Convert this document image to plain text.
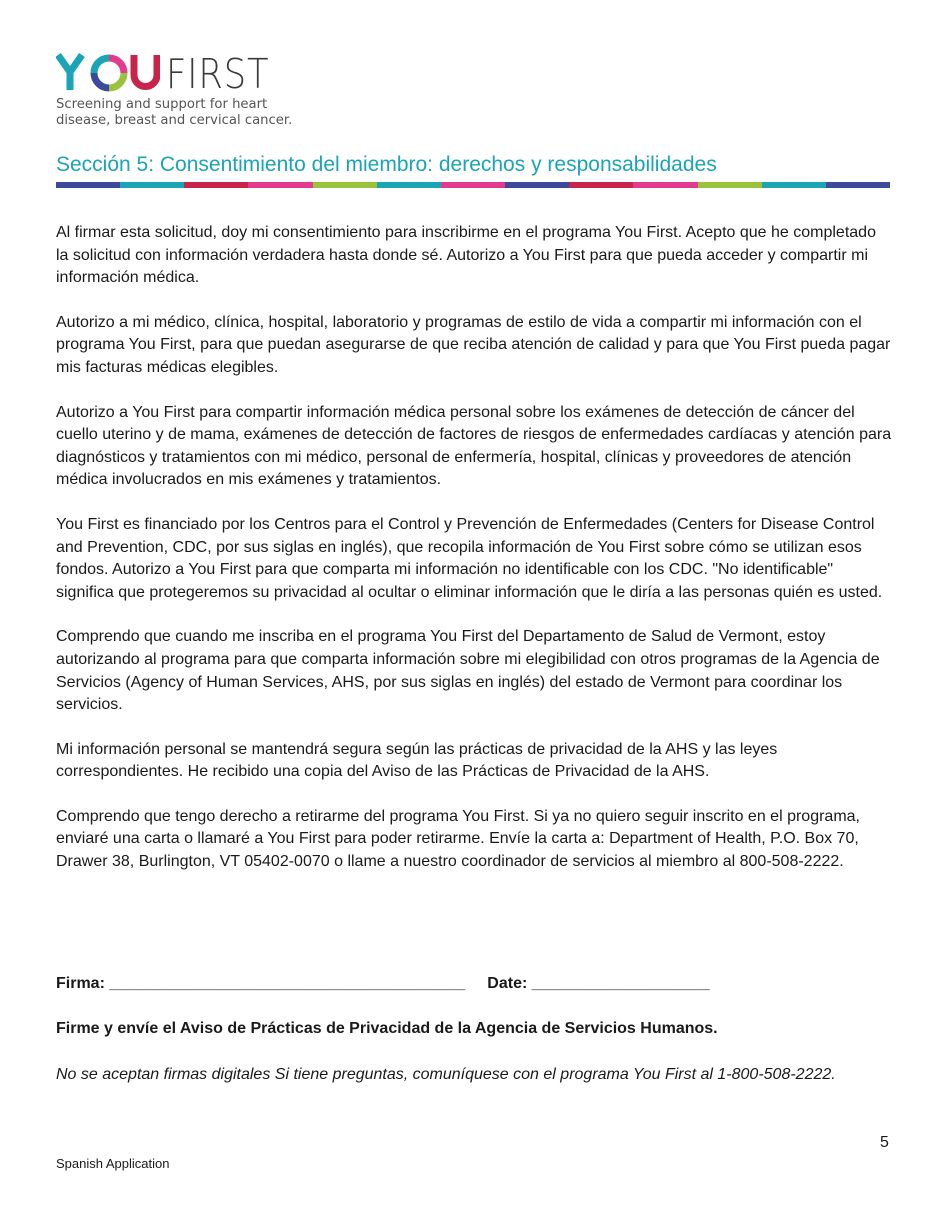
FIRST
Screening and support for heart
disease, breast and cervical cancer.
Sección 5: Consentimiento del miembro: derechos y responsabilidades

Al firmar esta solicitud, doy mi consentimiento para inscribirme en el programa You First. Acepto que he completado la solicitud con información verdadera hasta donde sé. Autorizo a You First para que pueda acceder y compartir mi información médica.

Autorizo a mi médico, clínica, hospital, laboratorio y programas de estilo de vida a compartir mi información con el programa You First, para que puedan asegurarse de que reciba atención de calidad y para que You First pueda pagar mis facturas médicas elegibles.

Autorizo a You First para compartir información médica personal sobre los exámenes de detección de cáncer del cuello uterino y de mama, exámenes de detección de factores de riesgos de enfermedades cardíacas y atención para diagnósticos y tratamientos con mi médico, personal de enfermería, hospital, clínicas y proveedores de atención médica involucrados en mis exámenes y tratamientos.

You First es financiado por los Centros para el Control y Prevención de Enfermedades (Centers for Disease Control and Prevention, CDC, por sus siglas en inglés), que recopila información de You First sobre cómo se utilizan esos fondos. Autorizo a You First para que comparta mi información no identificable con los CDC. "No identificable" significa que protegeremos su privacidad al ocultar o eliminar información que le diría a las personas quién es usted.

Comprendo que cuando me inscriba en el programa You First del Departamento de Salud de Vermont, estoy autorizando al programa para que comparta información sobre mi elegibilidad con otros programas de la Agencia de Servicios (Agency of Human Services, AHS, por sus siglas en inglés) del estado de Vermont para coordinar los servicios.

Mi información personal se mantendrá segura según las prácticas de privacidad de la AHS y las leyes correspondientes. He recibido una copia del Aviso de las Prácticas de Privacidad de la AHS.

Comprendo que tengo derecho a retirarme del programa You First. Si ya no quiero seguir inscrito en el programa, enviaré una carta o llamaré a You First para poder retirarme. Envíe la carta a: Department of Health, P.O. Box 70, Drawer 38, Burlington, VT 05402-0070 o llame a nuestro coordinador de servicios al miembro al 800-508-2222.

Firma: ________________________________________ Date: ____________________
Firme y envíe el Aviso de Prácticas de Privacidad de la Agencia de Servicios Humanos.
No se aceptan firmas digitales Si tiene preguntas, comuníquese con el programa You First al 1-800-508-2222.
5
Spanish Application
